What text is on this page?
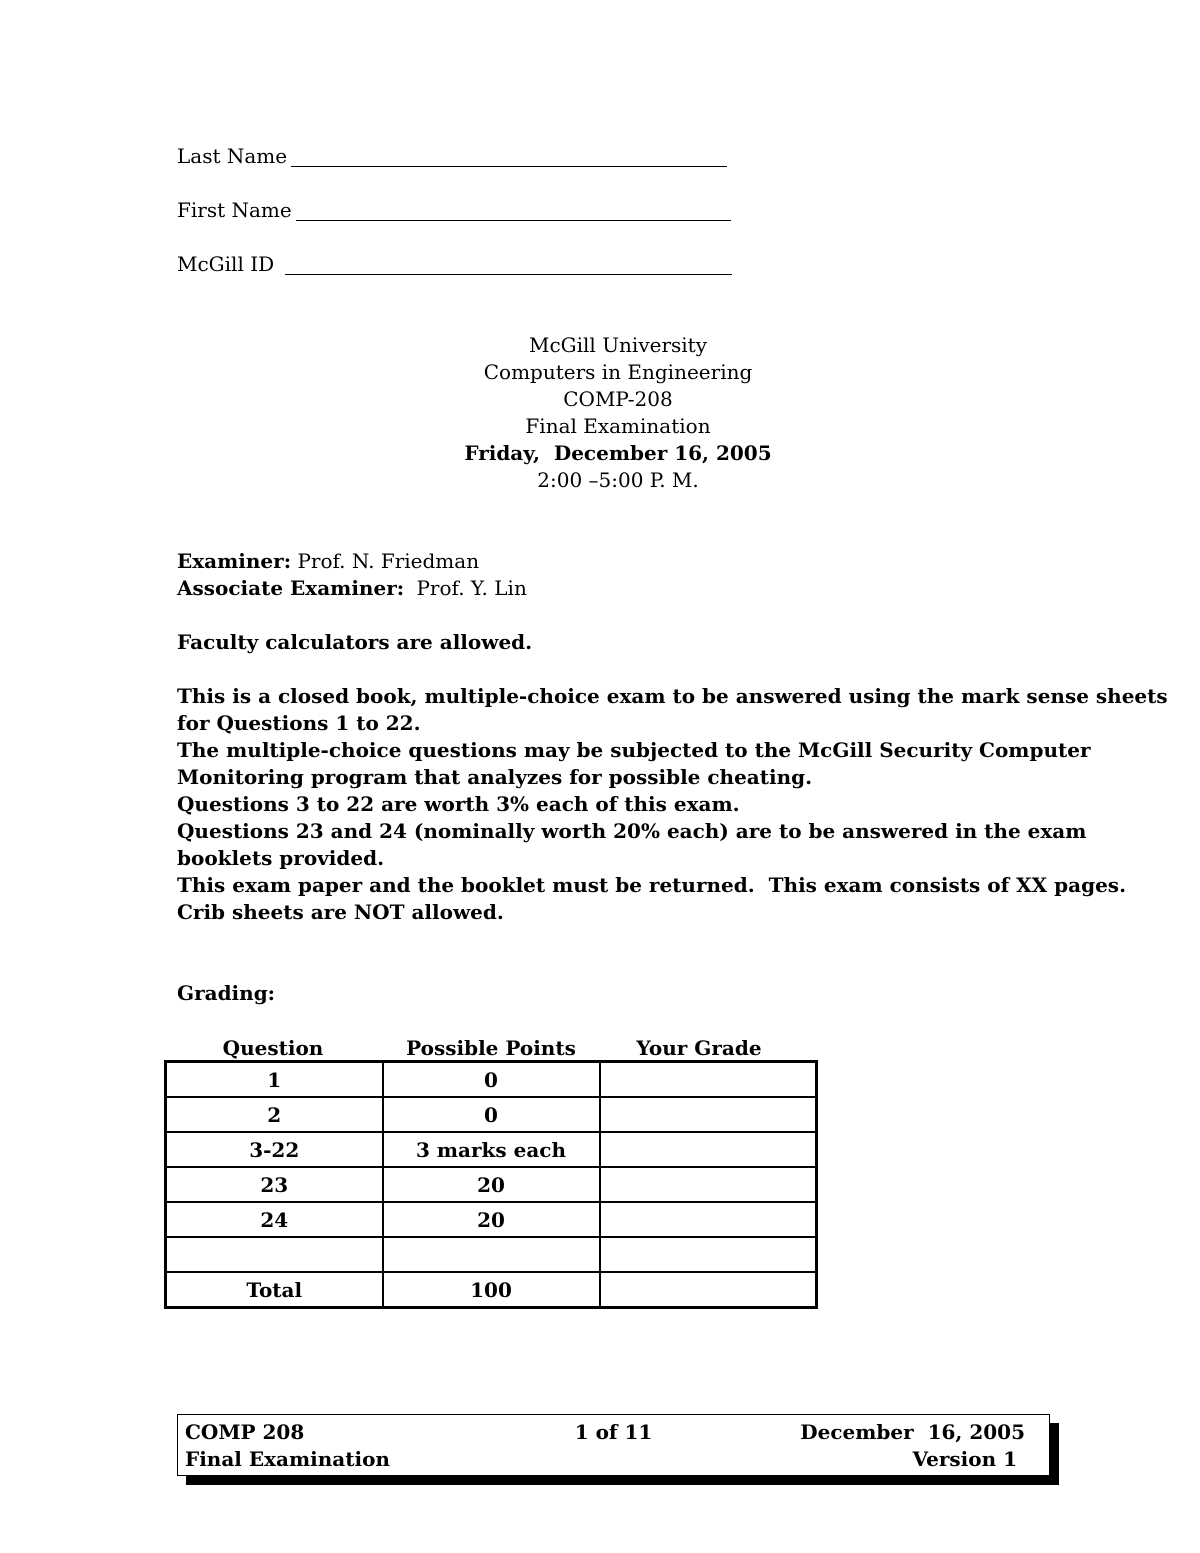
Last Name
First Name
McGill ID
McGill University
Computers in Engineering
COMP-208
Final Examination
Friday,  December 16, 2005
2:00 –5:00 P. M.
Examiner: Prof. N. Friedman
Associate Examiner: Prof. Y. Lin
Faculty calculators are allowed.
This is a closed book, multiple-choice exam to be answered using the mark sense sheets
for Questions 1 to 22.
The multiple-choice questions may be subjected to the McGill Security Computer
Monitoring program that analyzes for possible cheating.
Questions 3 to 22 are worth 3% each of this exam.
Questions 23 and 24 (nominally worth 20% each) are to be answered in the exam
booklets provided.
This exam paper and the booklet must be returned.  This exam consists of XX pages.
Crib sheets are NOT allowed.
Grading:
Question	Possible Points	Your Grade
1	0	
2	0	
3-22	3 marks each	
23	20	
24	20	

Total	100	
COMP 208
Final Examination
1 of 11	December  16, 2005
Version 1
